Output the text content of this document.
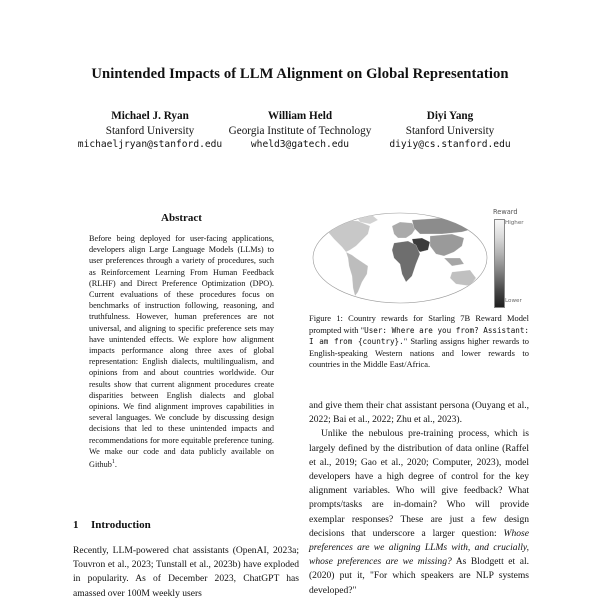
Unintended Impacts of LLM Alignment on Global Representation
Michael J. Ryan
Stanford University
michaeljryan@stanford.edu
William Held
Georgia Institute of Technology
wheld3@gatech.edu
Diyi Yang
Stanford University
diyiy@cs.stanford.edu
Abstract
Before being deployed for user-facing applications, developers align Large Language Models (LLMs) to user preferences through a variety of procedures, such as Reinforcement Learning From Human Feedback (RLHF) and Direct Preference Optimization (DPO). Current evaluations of these procedures focus on benchmarks of instruction following, reasoning, and truthfulness. However, human preferences are not universal, and aligning to specific preference sets may have unintended effects. We explore how alignment impacts performance along three axes of global representation: English dialects, multilingualism, and opinions from and about countries worldwide. Our results show that current alignment procedures create disparities between English dialects and global opinions. We find alignment improves capabilities in several languages. We conclude by discussing design decisions that led to these unintended impacts and recommendations for more equitable preference tuning. We make our code and data publicly available on Github$^1$.
1 Introduction
Recently, LLM-powered chat assistants (OpenAI, 2023a; Touvron et al., 2023; Tunstall et al., 2023b) have exploded in popularity. As of December 2023, ChatGPT has amassed over 100M weekly users
Reward
Higher
Lower
Figure 1: Country rewards for Starling 7B Reward Model prompted with "User: Where are you from? Assistant: I am from {country}." Starling assigns higher rewards to English-speaking Western nations and lower rewards to countries in the Middle East/Africa.

and give them their chat assistant persona (Ouyang et al., 2022; Bai et al., 2022; Zhu et al., 2023).

Unlike the nebulous pre-training process, which is largely defined by the distribution of data online (Raffel et al., 2019; Gao et al., 2020; Computer, 2023), model developers have a high degree of control for the key alignment variables. Who will give feedback? What prompts/tasks are in-domain? Who will provide exemplar responses? These are just a few design decisions that underscore a larger question: Whose preferences are we aligning LLMs with, and crucially, whose preferences are we missing? As Blodgett et al. (2020) put it, "For which speakers are NLP systems developed?"
